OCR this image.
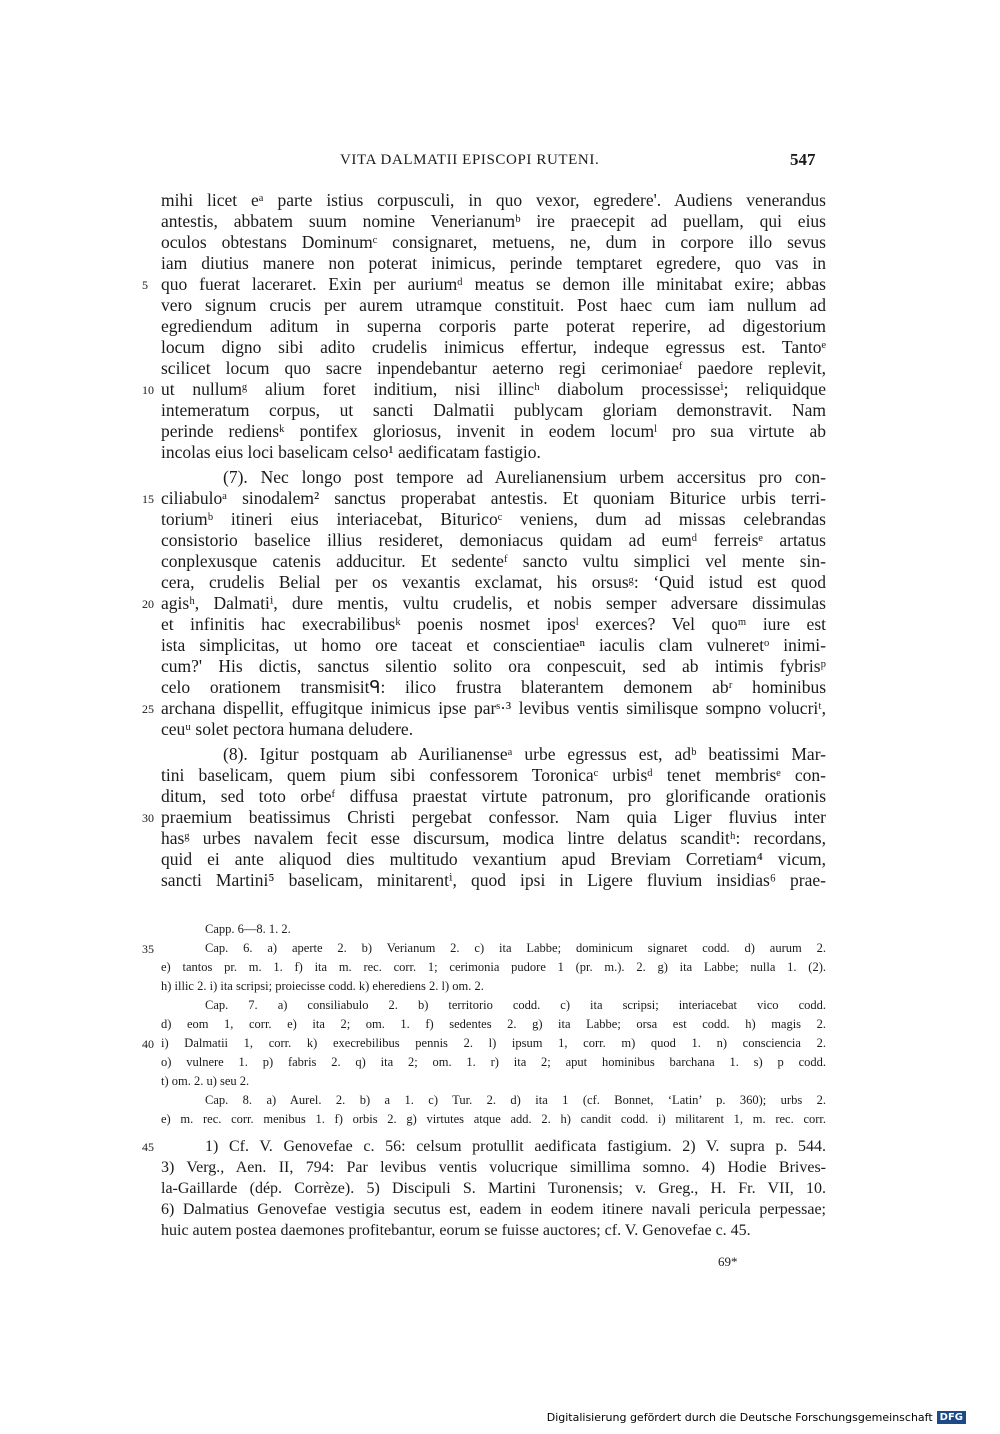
VITA DALMATII EPISCOPI RUTENI.	547
mihi licet eᵃ parte istius corpusculi, in quo vexor, egredere'. Audiens venerandus
antestis, abbatem suum nomine Venerianumᵇ ire praecepit ad puellam, qui eius
oculos obtestans Dominumᶜ consignaret, metuens, ne, dum in corpore illo sevus
iam diutius manere non poterat inimicus, perinde temptaret egredere, quo vas in
5 quo fuerat laceraret. Exin per auriumᵈ meatus se demon ille minitabat exire; abbas
vero signum crucis per aurem utramque constituit. Post haec cum iam nullum ad
egrediendum aditum in superna corporis parte poterat reperire, ad digestorium
locum digno sibi adito crudelis inimicus effertur, indeque egressus est. Tantoᵉ
scilicet locum quo sacre inpendebantur aeterno regi cerimoniaeᶠ paedore replevit,
10 ut nullumᵍ alium foret inditium, nisi illincʰ diabolum processisseⁱ; reliquidque
intemeratum corpus, ut sancti Dalmatii publycam gloriam demonstravit. Nam
perinde rediensᵏ pontifex gloriosus, invenit in eodem locumˡ pro sua virtute ab
incolas eius loci baselicam celso¹ aedificatam fastigio.
(7). Nec longo post tempore ad Aurelianensium urbem accersitus pro con-
15 ciliabuloᵃ sinodalem² sanctus properabat antestis. Et quoniam Biturice urbis terri-
toriumᵇ itineri eius interiacebat, Bituricoᶜ veniens, dum ad missas celebrandas
consistorio baselice illius resideret, demoniacus quidam ad eumᵈ ferreisᵉ artatus
conplexusque catenis adducitur. Et sedenteᶠ sancto vultu simplici vel mente sin-
cera, crudelis Belial per os vexantis exclamat, his orsusᵍ: ‘Quid istud est quod
20 agisʰ, Dalmatiⁱ, dure mentis, vultu crudelis, et nobis semper adversare dissimulas
et infinitis hac execrabilibusᵏ poenis nosmet iposˡ exerces? Vel quoᵐ iure est
ista simplicitas, ut homo ore taceat et conscientiaeⁿ iaculis clam vulneretᵒ inimi-
cum?' His dictis, sanctus silentio solito ora conpescuit, sed ab intimis fybrisᵖ
celo orationem transmisitᑫ: ilico frustra blaterantem demonem abʳ hominibus
25 archana dispellit, effugitque inimicus ipse parˢ·³ levibus ventis similisque sompno volucriᵗ,
ceuᵘ solet pectora humana deludere.
(8). Igitur postquam ab Aurilianenseᵃ urbe egressus est, adᵇ beatissimi Mar-
tini baselicam, quem pium sibi confessorem Toronicaᶜ urbisᵈ tenet membrisᵉ con-
ditum, sed toto orbeᶠ diffusa praestat virtute patronum, pro glorificande orationis
30 praemium beatissimus Christi pergebat confessor. Nam quia Liger fluvius inter
hasᵍ urbes navalem fecit esse discursum, modica lintre delatus scanditʰ: recordans,
quid ei ante aliquod dies multitudo vexantium apud Breviam Corretiam⁴ vicum,
sancti Martini⁵ baselicam, minitarentⁱ, quod ipsi in Ligere fluvium insidias⁶ prae-
Capp. 6—8. 1. 2.
35	Cap. 6. a) aperte 2. b) Verianum 2. c) ita Labbe; dominicum signaret codd. d) aurum 2.
e) tantos pr. m. 1. f) ita m. rec. corr. 1; cerimonia pudore 1 (pr. m.). 2. g) ita Labbe; nulla 1. (2).
h) illic 2. i) ita scripsi; proiecisse codd. k) eherediens 2. l) om. 2.
Cap. 7. a) consiliabulo 2. b) territorio codd. c) ita scripsi; interiacebat vico codd.
d) eom 1, corr. e) ita 2; om. 1. f) sedentes 2. g) ita Labbe; orsa est codd. h) magis 2.
40 i) Dalmatii 1, corr. k) execrebilibus pennis 2. l) ipsum 1, corr. m) quod 1. n) consciencia 2.
o) vulnere 1. p) fabris 2. q) ita 2; om. 1. r) ita 2; aput hominibus barchana 1. s) p codd.
t) om. 2. u) seu 2.
Cap. 8. a) Aurel. 2. b) a 1. c) Tur. 2. d) ita 1 (cf. Bonnet, ‘Latin’ p. 360); urbs 2.
e) m. rec. corr. menibus 1. f) orbis 2. g) virtutes atque add. 2. h) candit codd. i) militarent 1, m. rec. corr.
45	1) Cf. V. Genovefae c. 56: celsum protullit aedificata fastigium. 2) V. supra p. 544.
3) Verg., Aen. II, 794: Par levibus ventis volucrique simillima somno. 4) Hodie Brives-
la-Gaillarde (dép. Corrèze). 5) Discipuli S. Martini Turonensis; v. Greg., H. Fr. VII, 10.
6) Dalmatius Genovefae vestigia secutus est, eadem in eodem itinere navali pericula perpessae;
huic autem postea daemones profitebantur, eorum se fuisse auctores; cf. V. Genovefae c. 45.
69*
Digitalisierung gefördert durch die Deutsche Forschungsgemeinschaft DFG
